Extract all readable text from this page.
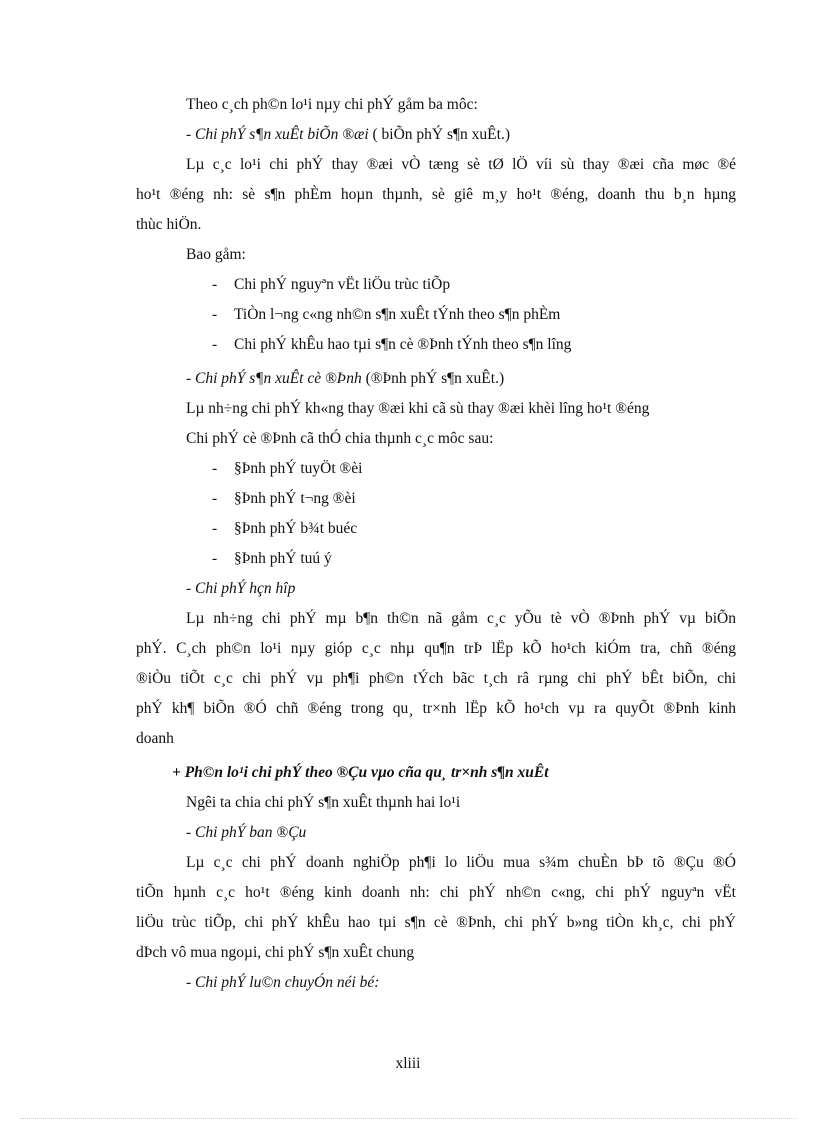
Theo c¸ch ph©n lo¹i nµy chi phÝ gåm ba môc:
- Chi phÝ s¶n xuÊt biÕn ®æi ( biÕn phÝ s¶n xuÊt.)
Lµ c¸c lo¹i chi phÝ thay ®æi vÒ tæng sè tØ lÖ víi sù thay ®æi cña møc ®é
ho¹t ®éng nh: sè s¶n phÈm hoµn thµnh, sè giê m¸y ho¹t ®éng, doanh thu b¸n hµng
thùc hiÖn.
Bao gåm:
- Chi phÝ nguyªn vËt liÖu trùc tiÕp
- TiÒn l¬ng c«ng nh©n s¶n xuÊt tÝnh theo s¶n phÈm
- Chi phÝ khÊu hao tµi s¶n cè ®Þnh tÝnh theo s¶n lîng
- Chi phÝ s¶n xuÊt cè ®Þnh (®Þnh phÝ s¶n xuÊt.)
Lµ nh÷ng chi phÝ kh«ng thay ®æi khi cã sù thay ®æi khèi lîng ho¹t ®éng
Chi phÝ cè ®Þnh cã thÓ chia thµnh c¸c môc sau:
- §Þnh phÝ tuyÖt ®èi
- §Þnh phÝ t¬ng ®èi
- §Þnh phÝ b¾t buéc
- §Þnh phÝ tuú ý
- Chi phÝ hçn hîp
Lµ nh÷ng chi phÝ mµ b¶n th©n nã gåm c¸c yÕu tè vÒ ®Þnh phÝ vµ biÕn
phÝ. C¸ch ph©n lo¹i nµy gióp c¸c nhµ qu¶n trÞ lËp kÕ ho¹ch kiÓm tra, chñ ®éng
®iÒu tiÕt c¸c chi phÝ vµ ph¶i ph©n tÝch bãc t¸ch râ rµng chi phÝ bÊt biÕn, chi
phÝ kh¶ biÕn ®Ó chñ ®éng trong qu¸ tr×nh lËp kÕ ho¹ch vµ ra quyÕt ®Þnh kinh
doanh
+ Ph©n lo¹i chi phÝ theo ®Çu vµo cña qu¸ tr×nh s¶n xuÊt
Ngêi ta chia chi phÝ s¶n xuÊt thµnh hai lo¹i
- Chi phÝ ban ®Çu
Lµ c¸c chi phÝ doanh nghiÖp ph¶i lo liÖu mua s¾m chuÈn bÞ tõ ®Çu ®Ó
tiÕn hµnh c¸c ho¹t ®éng kinh doanh nh: chi phÝ nh©n c«ng, chi phÝ nguyªn vËt
liÖu trùc tiÕp, chi phÝ khÊu hao tµi s¶n cè ®Þnh, chi phÝ b»ng tiÒn kh¸c, chi phÝ
dÞch vô mua ngoµi, chi phÝ s¶n xuÊt chung
- Chi phÝ lu©n chuyÓn néi bé:
xliii
